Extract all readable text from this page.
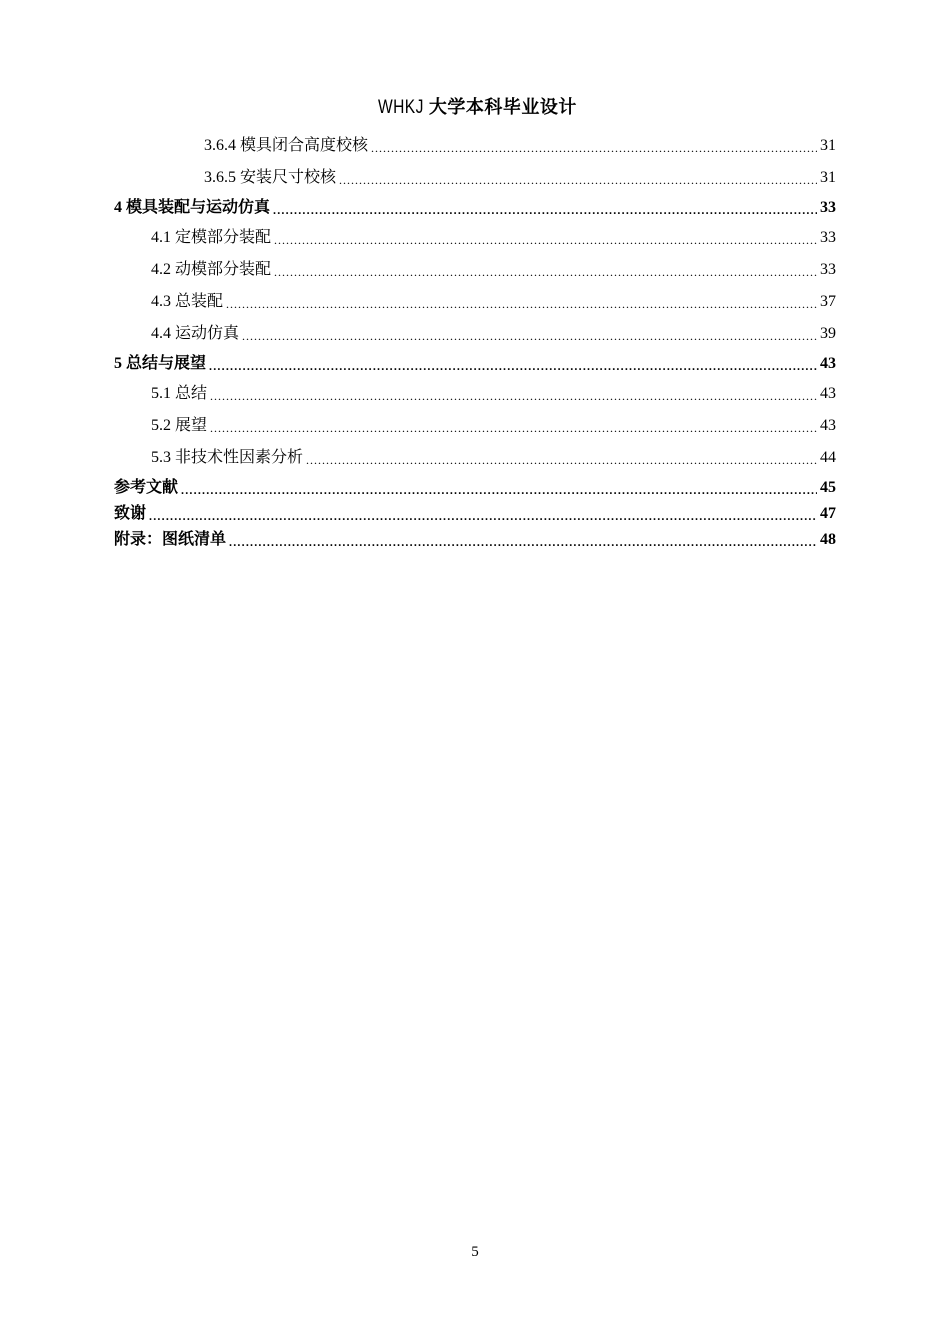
WHKJ 大学本科毕业设计
3.6.4 模具闭合高度校核 .....	31
3.6.5 安装尺寸校核 .....	31
4 模具装配与运动仿真 .....	33
4.1 定模部分装配 .....	33
4.2 动模部分装配 .....	33
4.3 总装配 .....	37
4.4 运动仿真 .....	39
5 总结与展望 .....	43
5.1 总结 .....	43
5.2 展望 .....	43
5.3 非技术性因素分析 .....	44
参考文献 .....	45
致谢 .....	47
附录：图纸清单 .....	48
5
